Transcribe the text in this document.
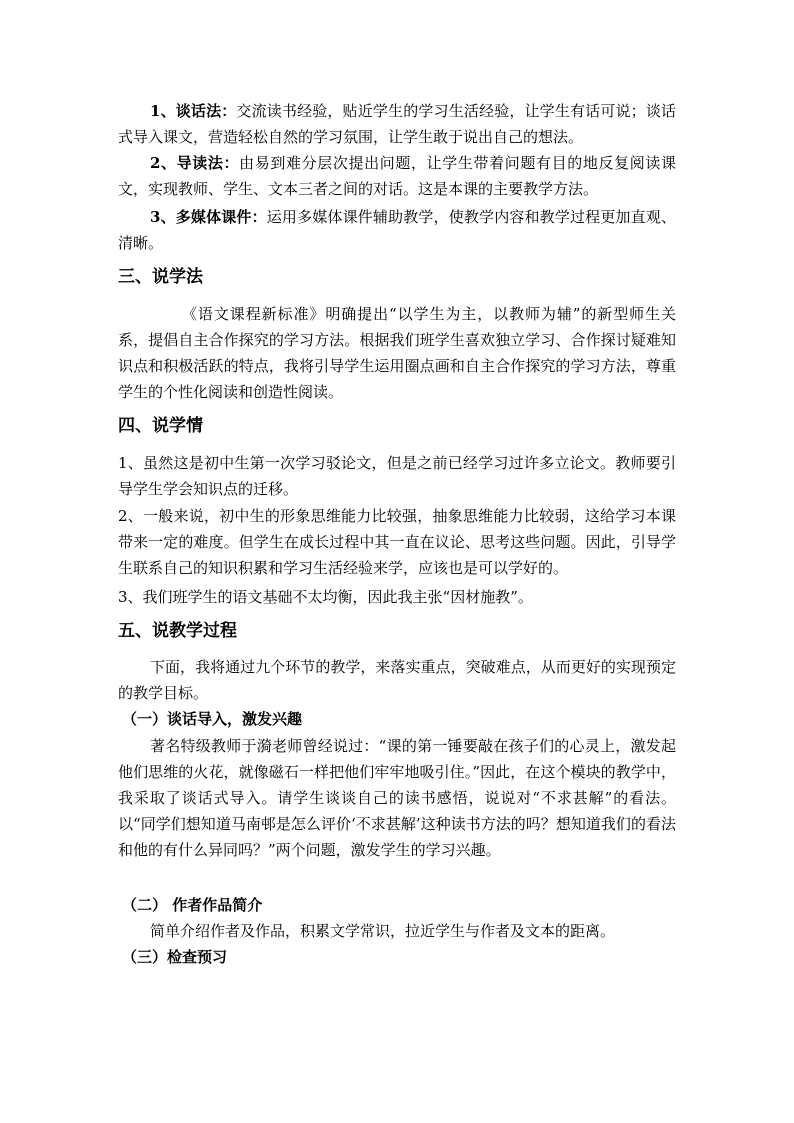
1、谈话法：交流读书经验，贴近学生的学习生活经验，让学生有话可说；谈话式导入课文，营造轻松自然的学习氛围，让学生敢于说出自己的想法。

2、导读法：由易到难分层次提出问题，让学生带着问题有目的地反复阅读课文，实现教师、学生、文本三者之间的对话。这是本课的主要教学方法。

3、多媒体课件：运用多媒体课件辅助教学，使教学内容和教学过程更加直观、清晰。

三、说学法

《语文课程新标准》明确提出“以学生为主，以教师为辅”的新型师生关系，提倡自主合作探究的学习方法。根据我们班学生喜欢独立学习、合作探讨疑难知识点和积极活跃的特点，我将引导学生运用圈点画和自主合作探究的学习方法，尊重学生的个性化阅读和创造性阅读。

四、说学情

1、虽然这是初中生第一次学习驳论文，但是之前已经学习过许多立论文。教师要引导学生学会知识点的迁移。

2、一般来说，初中生的形象思维能力比较强，抽象思维能力比较弱，这给学习本课带来一定的难度。但学生在成长过程中其一直在议论、思考这些问题。因此，引导学生联系自己的知识积累和学习生活经验来学，应该也是可以学好的。

3、我们班学生的语文基础不太均衡，因此我主张“因材施教”。

五、说教学过程

下面，我将通过九个环节的教学，来落实重点，突破难点，从而更好的实现预定的教学目标。

（一）谈话导入，激发兴趣

著名特级教师于漪老师曾经说过：“课的第一锤要敲在孩子们的心灵上，激发起他们思维的火花，就像磁石一样把他们牢牢地吸引住。”因此，在这个模块的教学中，我采取了谈话式导入。请学生谈谈自己的读书感悟，说说对“不求甚解”的看法。以“同学们想知道马南邨是怎么评价‘不求甚解’这种读书方法的吗？想知道我们的看法和他的有什么异同吗？”两个问题，激发学生的学习兴趣。

（二） 作者作品简介

简单介绍作者及作品，积累文学常识，拉近学生与作者及文本的距离。

（三）检查预习
